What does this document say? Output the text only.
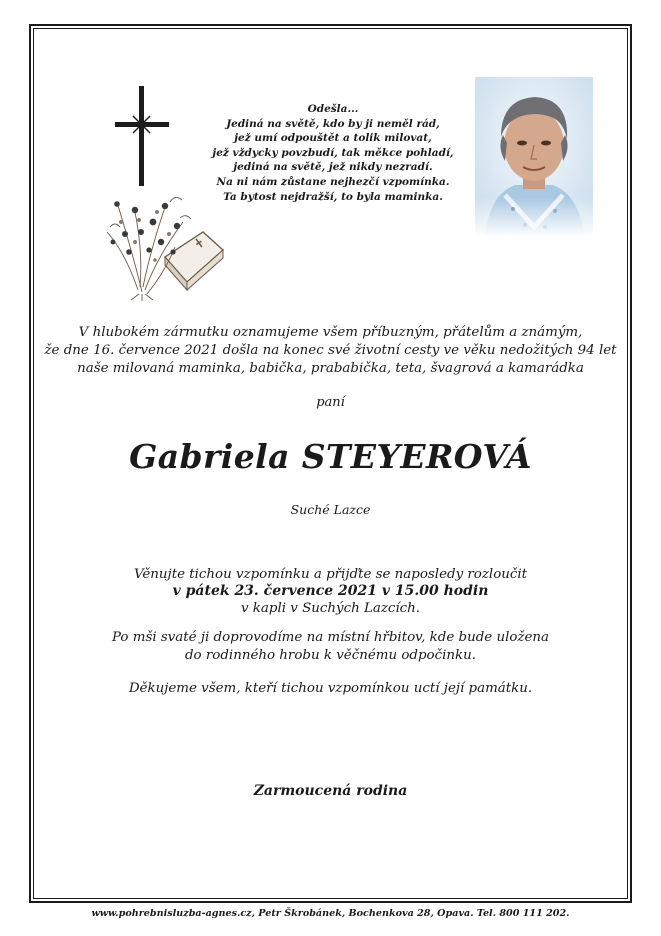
Odešla...
Jediná na světě, kdo by ji neměl rád,
jež umí odpouštět a tolik milovat,
jež vždycky povzbudí, tak měkce pohladí,
jediná na světě, jež nikdy nezradí.
Na ni nám zůstane nejhezčí vzpomínka.
Ta bytost nejdražší, to byla maminka.
V hlubokém zármutku oznamujeme všem příbuzným, přátelům a známým,
že dne 16. července 2021 došla na konec své životní cesty ve věku nedožitých 94 let
naše milovaná maminka, babička, prababička, teta, švagrová a kamarádka
paní
Gabriela STEYEROVÁ
Suché Lazce
Věnujte tichou vzpomínku a přijďte se naposledy rozloučit
v pátek 23. července 2021 v 15.00 hodin
v kapli v Suchých Lazcích.
Po mši svaté ji doprovodíme na místní hřbitov, kde bude uložena
do rodinného hrobu k věčnému odpočinku.
Děkujeme všem, kteří tichou vzpomínkou uctí její památku.
Zarmoucená rodina
www.pohrebnisluzba-agnes.cz, Petr Škrobánek, Bochenkova 28, Opava. Tel. 800 111 202.
